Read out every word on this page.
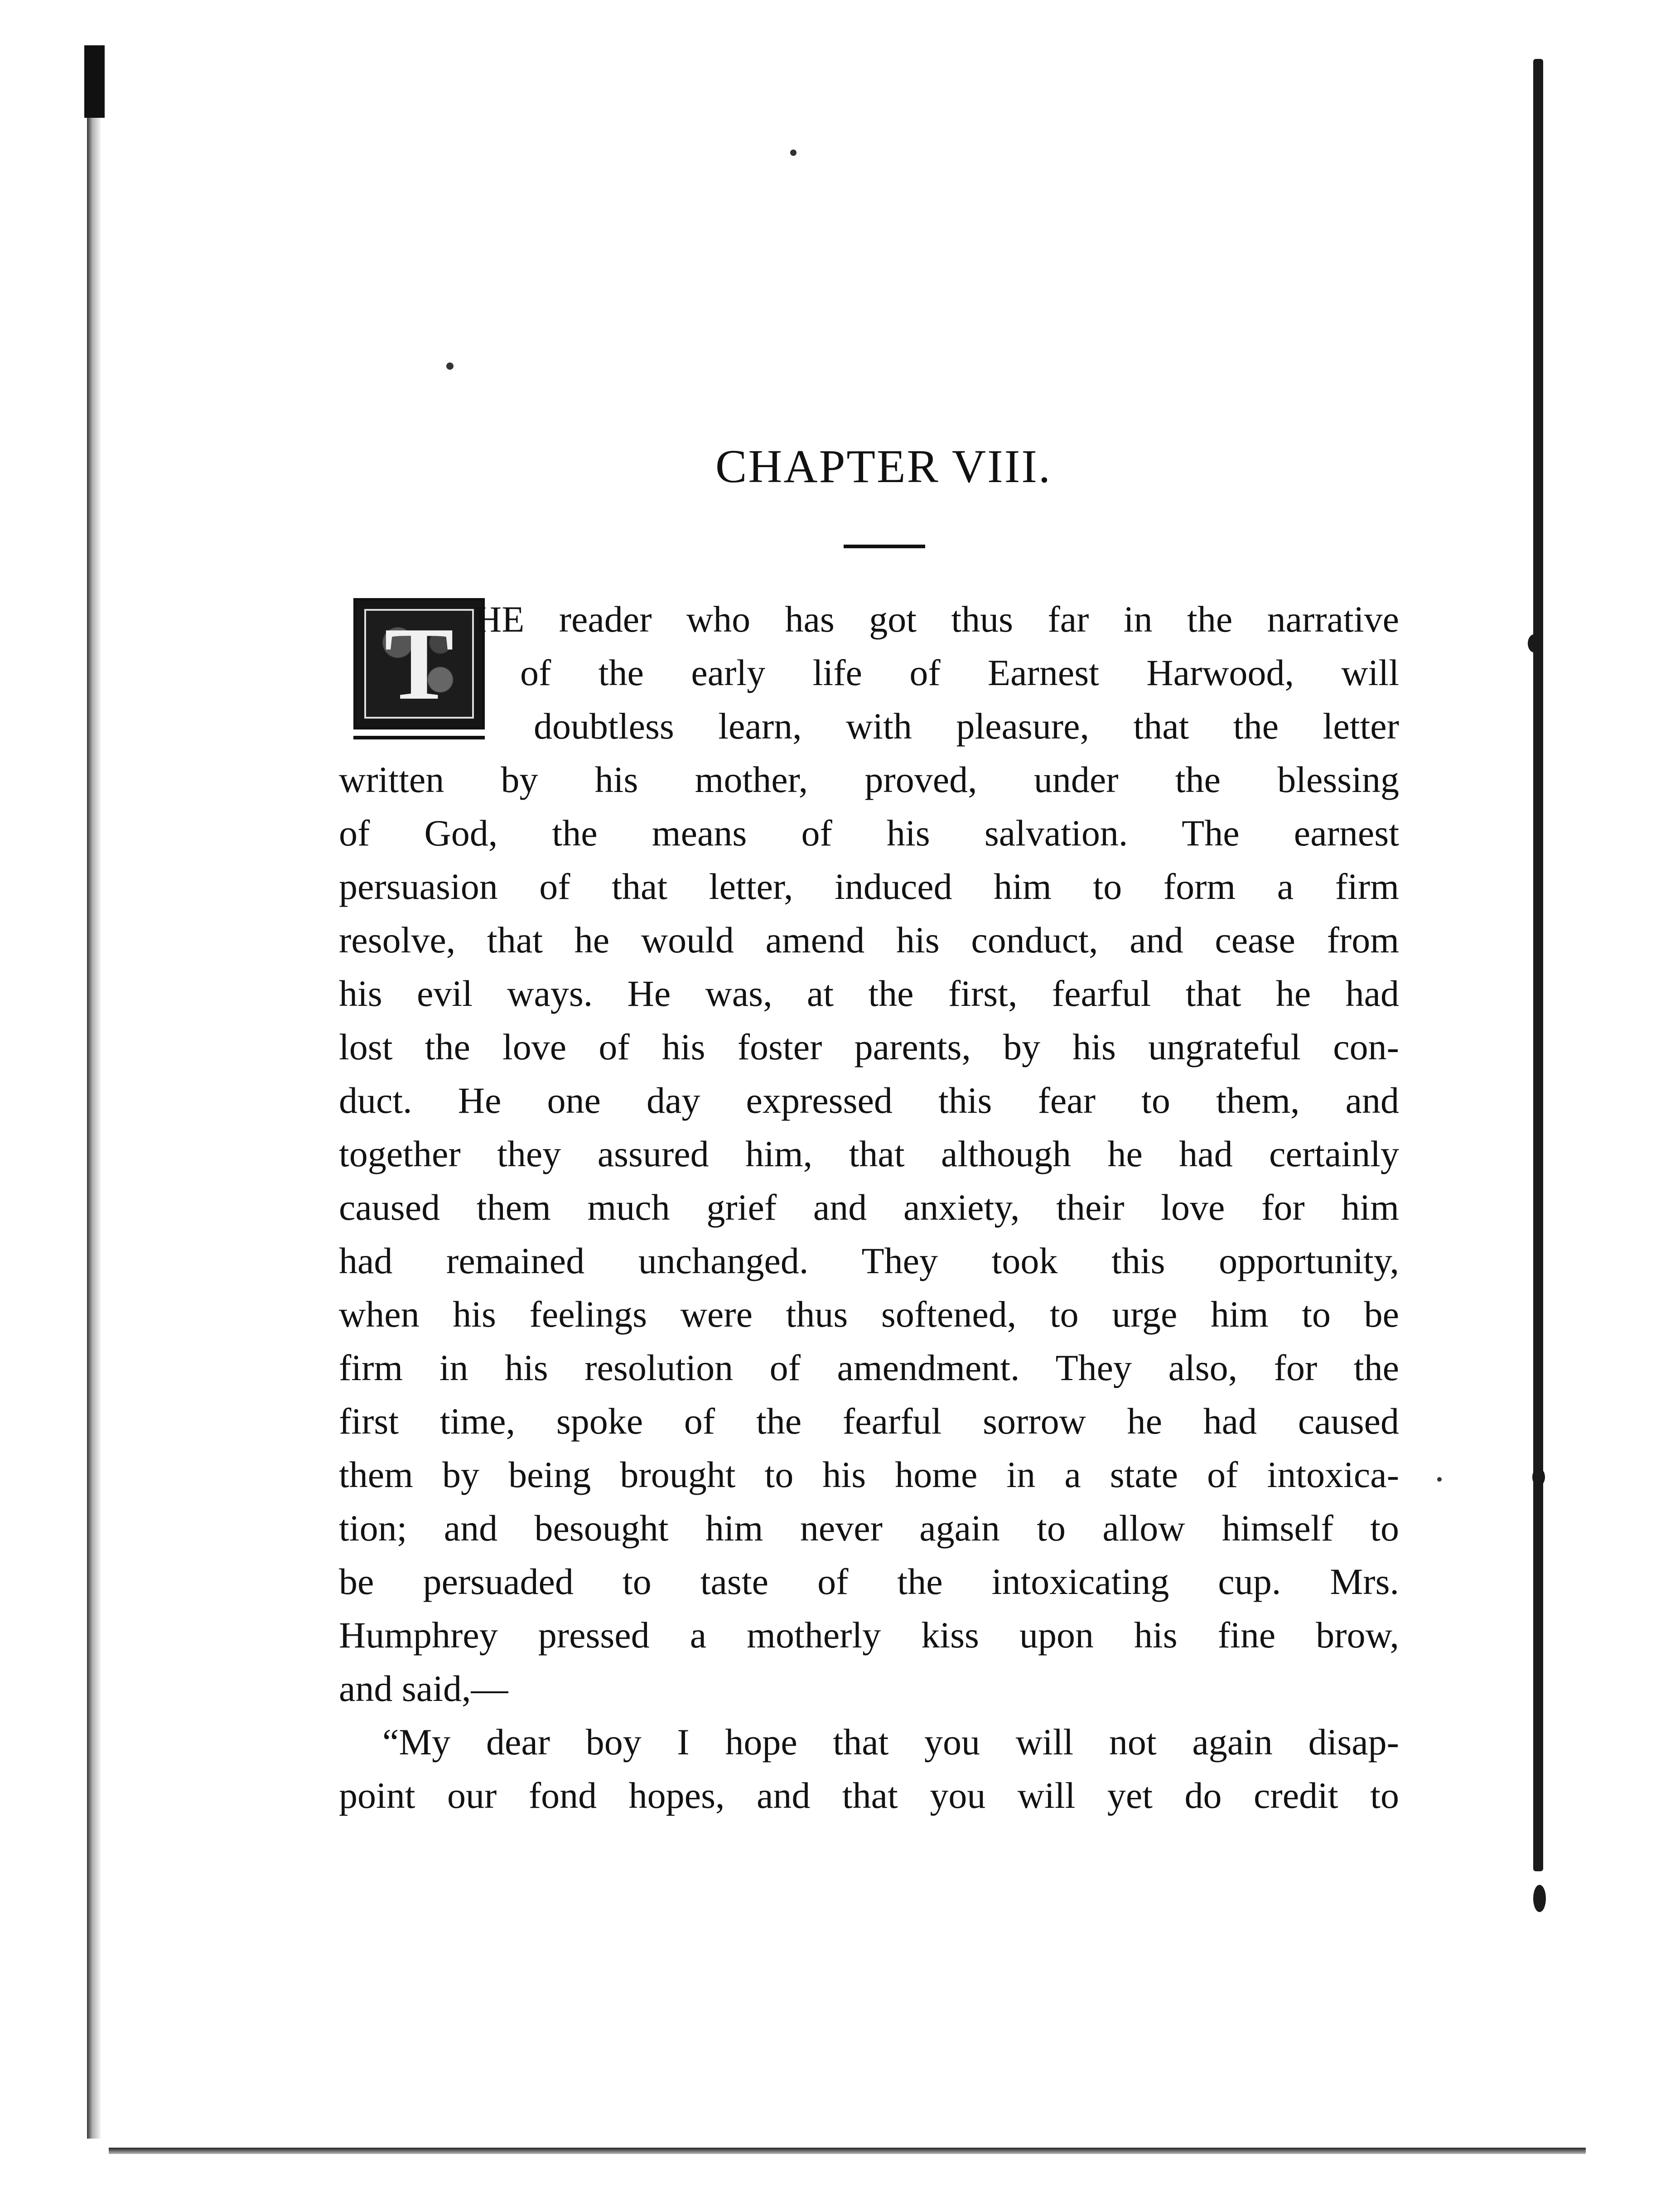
CHAPTER VIII.
T HE reader who has got thus far in the narrative
of the early life of Earnest Harwood, will
doubtless learn, with pleasure, that the letter
written by his mother, proved, under the blessing
of God, the means of his salvation. The earnest
persuasion of that letter, induced him to form a firm
resolve, that he would amend his conduct, and cease from
his evil ways. He was, at the first, fearful that he had
lost the love of his foster parents, by his ungrateful con-
duct. He one day expressed this fear to them, and
together they assured him, that although he had certainly
caused them much grief and anxiety, their love for him
had remained unchanged. They took this opportunity,
when his feelings were thus softened, to urge him to be
firm in his resolution of amendment. They also, for the
first time, spoke of the fearful sorrow he had caused
them by being brought to his home in a state of intoxica-
tion; and besought him never again to allow himself to
be persuaded to taste of the intoxicating cup. Mrs.
Humphrey pressed a motherly kiss upon his fine brow,
and said,—
“My dear boy I hope that you will not again disap-
point our fond hopes, and that you will yet do credit to
